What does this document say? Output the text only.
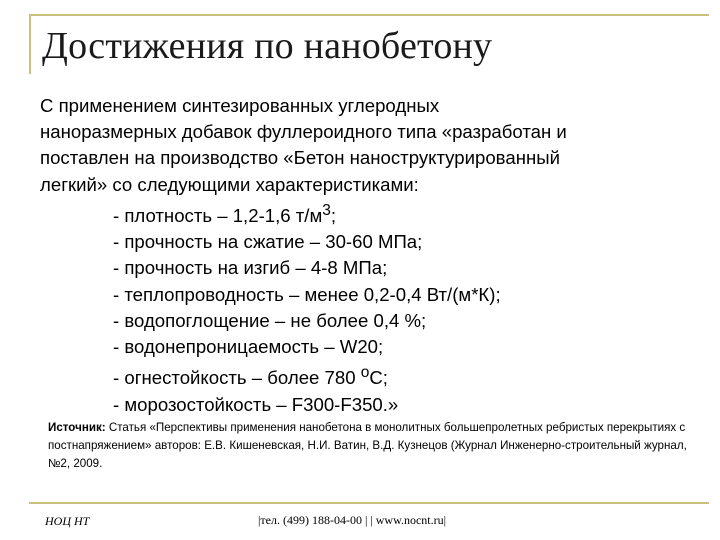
Достижения по нанобетону

С применением синтезированных углеродных
наноразмерных добавок фуллероидного типа «разработан и
поставлен на производство «Бетон наноструктурированный
легкий» со следующими характеристиками:

- плотность – 1,2-1,6 $т/м^3$;
- прочность на сжатие – 30-60 МПа;
- прочность на изгиб – 4-8 МПа;
- теплопроводность – менее 0,2-0,4 Вт/(м*К);
- водопоглощение – не более 0,4 %;
- водонепроницаемость – W20;
- огнестойкость – более 780 $^о$С;
- морозостойкость – F300-F350.»
Источник: Статья «Перспективы применения нанобетона в монолитных большепролетных ребристых перекрытиях с постнапряжением» авторов: Е.В. Кишеневская, Н.И. Ватин, В.Д. Кузнецов (Журнал Инженерно-строительный журнал, №2, 2009.
НОЦ НТ	|тел. (499) 188-04-00 | | www.nocnt.ru|
